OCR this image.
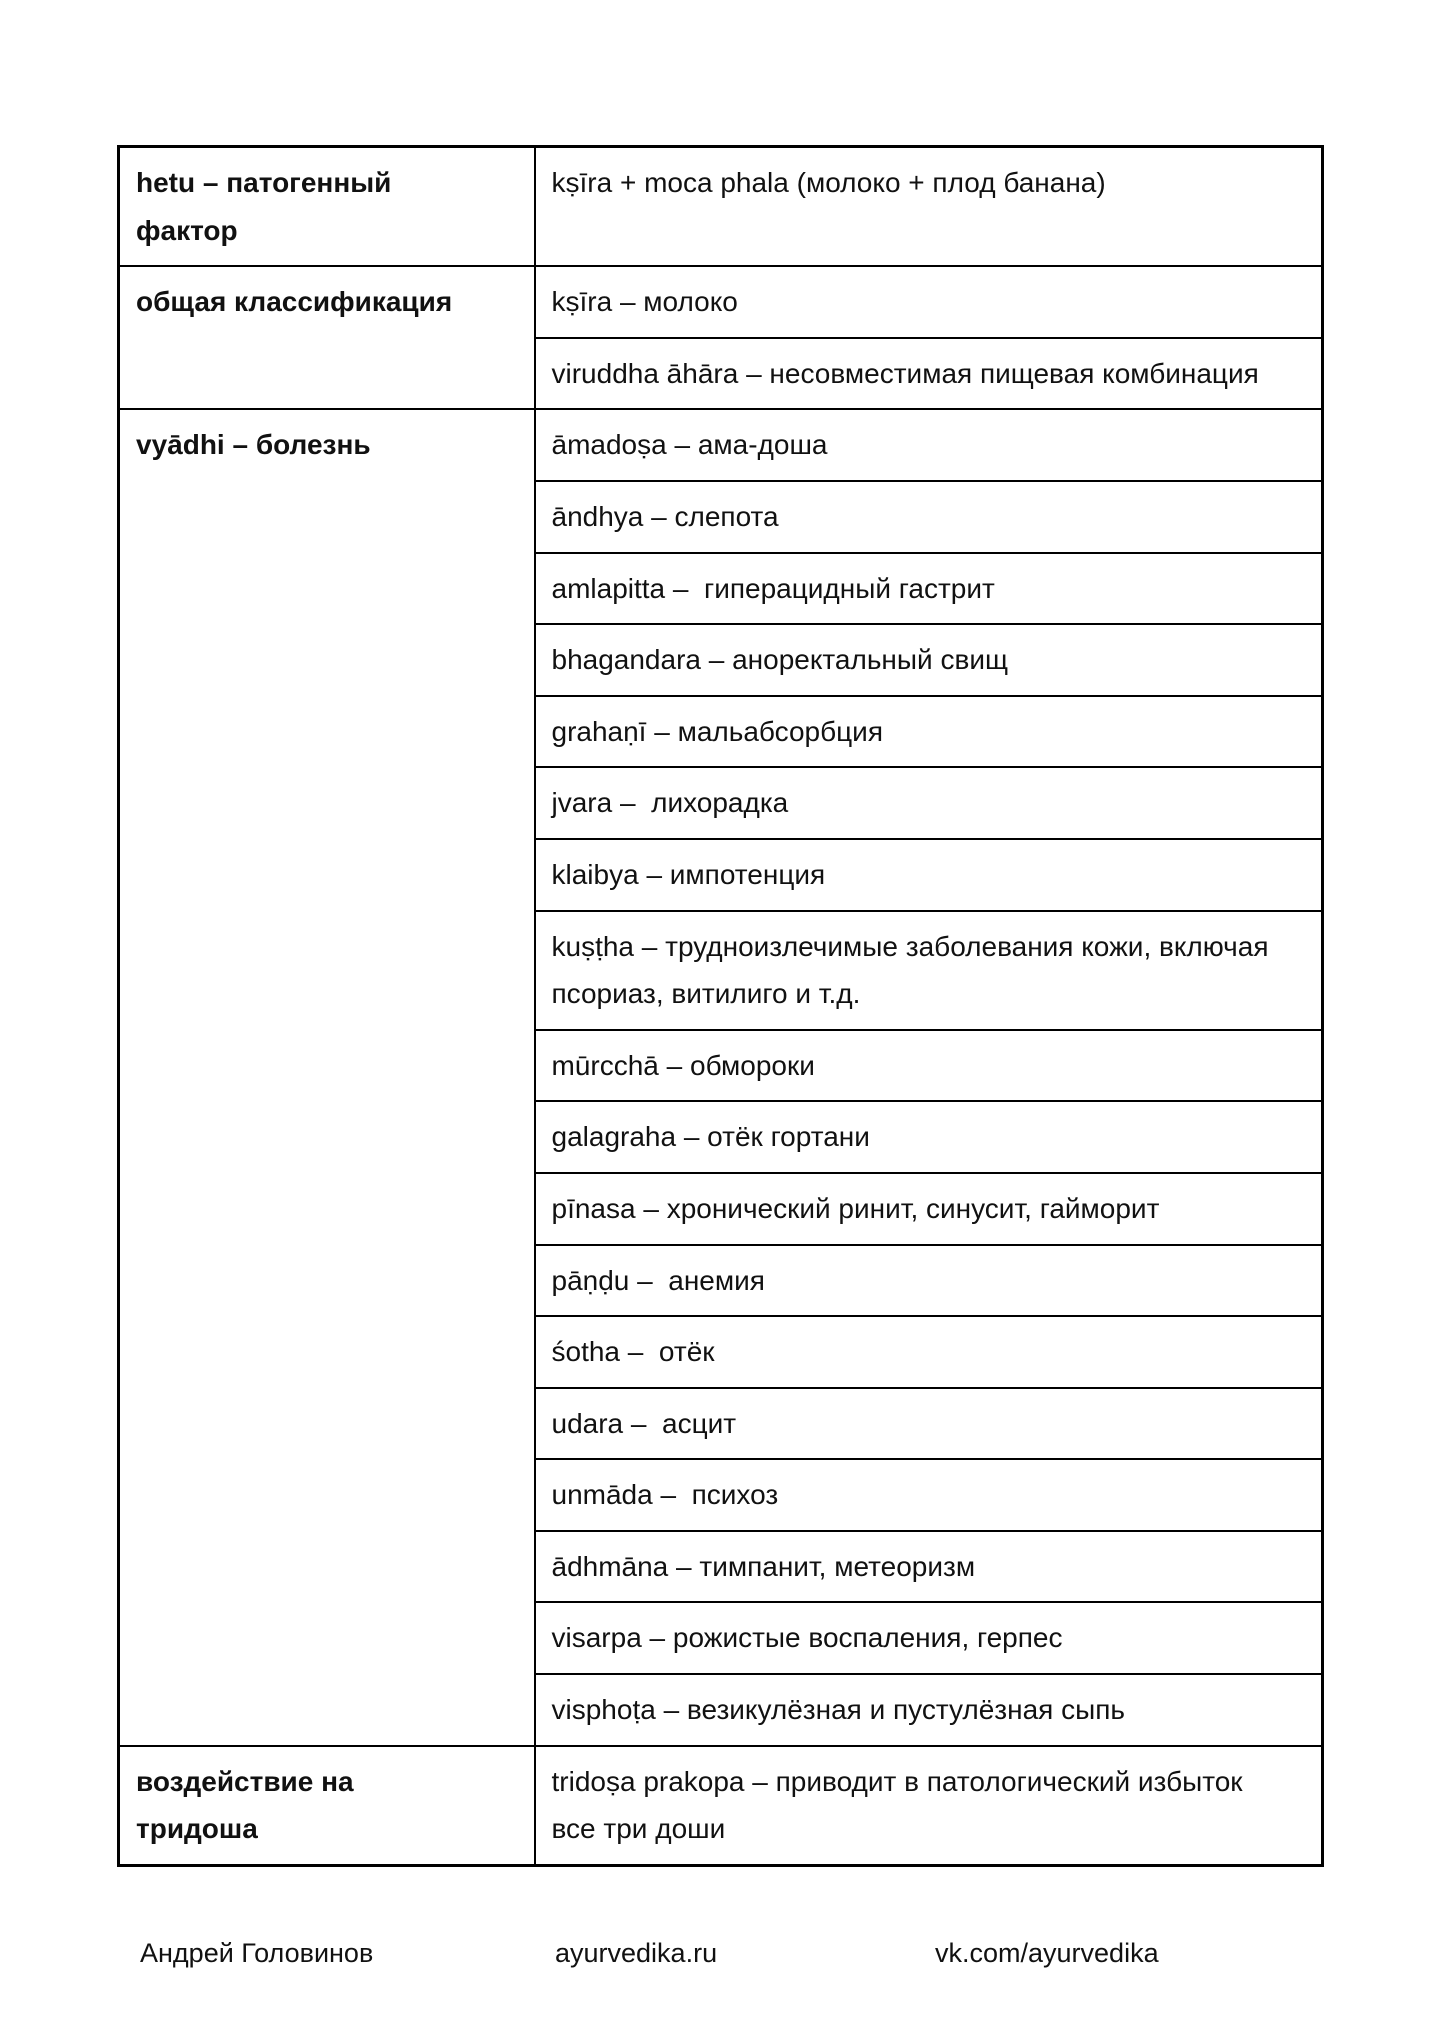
hetu – патогенный фактор	kṣīra + moca phala (молоко + плод банана)
общая классификация	kṣīra – молоко
	viruddha āhāra – несовместимая пищевая комбинация
vyādhi – болезнь	āmadoṣa – ама-доша
	āndhya – слепота
	amlapitta –  гиперацидный гастрит
	bhagandara – аноректальный свищ
	grahaṇī – мальабсорбция
	jvara –  лихорадка
	klaibya – импотенция
	kuṣṭha – трудноизлечимые заболевания кожи, включая псориаз, витилиго и т.д.
	mūrcchā – обмороки
	galagraha – отёк гортани
	pīnasa – хронический ринит, синусит, гайморит
	pāṇḍu –  анемия
	śotha –  отёк
	udara –  асцит
	unmāda –  психоз
	ādhmāna – тимпанит, метеоризм
	visarpa – рожистые воспаления, герпес
	visphoṭa – везикулёзная и пустулёзная сыпь
воздействие на тридоша	tridoṣa prakopa – приводит в патологический избыток все три доши
Андрей Головинов	ayurvedika.ru	vk.com/ayurvedika
